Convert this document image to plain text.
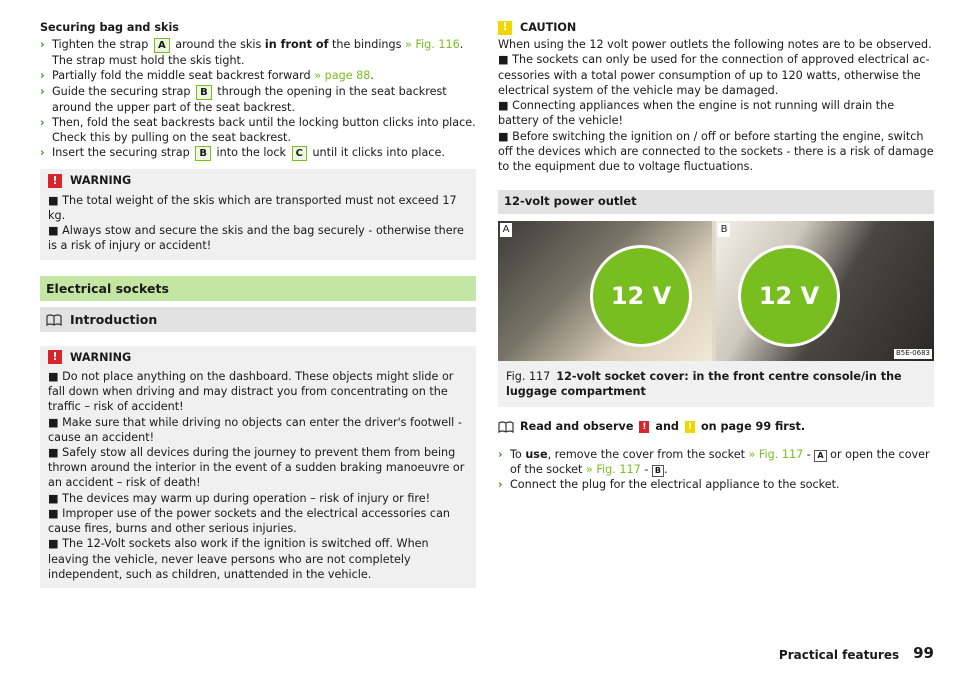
Securing bag and skis

› Tighten the strap A around the skis in front of the bindings » Fig. 116. The strap must hold the skis tight.

› Partially fold the middle seat backrest forward » page 88.

› Guide the securing strap B through the opening in the seat backrest around the upper part of the seat backrest.

› Then, fold the seat backrests back until the locking button clicks into place. Check this by pulling on the seat backrest.

› Insert the securing strap B into the lock C until it clicks into place.

!	WARNING

■ The total weight of the skis which are transported must not exceed 17 kg.

■ Always stow and secure the skis and the bag securely - otherwise there is a risk of injury or accident!

Electrical sockets
Introduction
!	WARNING

■ Do not place anything on the dashboard. These objects might slide or fall down when driving and may distract you from concentrating on the traffic – risk of accident!

■ Make sure that while driving no objects can enter the driver's footwell - cause an accident!

■ Safely stow all devices during the journey to prevent them from being thrown around the interior in the event of a sudden braking manoeuvre or an accident – risk of death!

■ The devices may warm up during operation – risk of injury or fire!

■ Improper use of the power sockets and the electrical accessories can cause fires, burns and other serious injuries.

■ The 12-Volt sockets also work if the ignition is switched off. When leaving the vehicle, never leave persons who are not completely independent, such as children, unattended in the vehicle.

!	CAUTION

When using the 12 volt power outlets the following notes are to be observed.

■ The sockets can only be used for the connection of approved electrical ac-cessories with a total power consumption of up to 120 watts, otherwise the electrical system of the vehicle may be damaged.

■ Connecting appliances when the engine is not running will drain the battery of the vehicle!

■ Before switching the ignition on / off or before starting the engine, switch off the devices which are connected to the sockets - there is a risk of damage to the equipment due to voltage fluctuations.

12-volt power outlet
A
12 V
B
12 V
B5E-0683

Fig. 117 12-volt socket cover: in the front centre console/in the luggage compartment

Read and observe ! and ! on page 99 first.

› To use, remove the cover from the socket » Fig. 117 - A or open the cover of the socket » Fig. 117 - B .

› Connect the plug for the electrical appliance to the socket.

Practical features 99
